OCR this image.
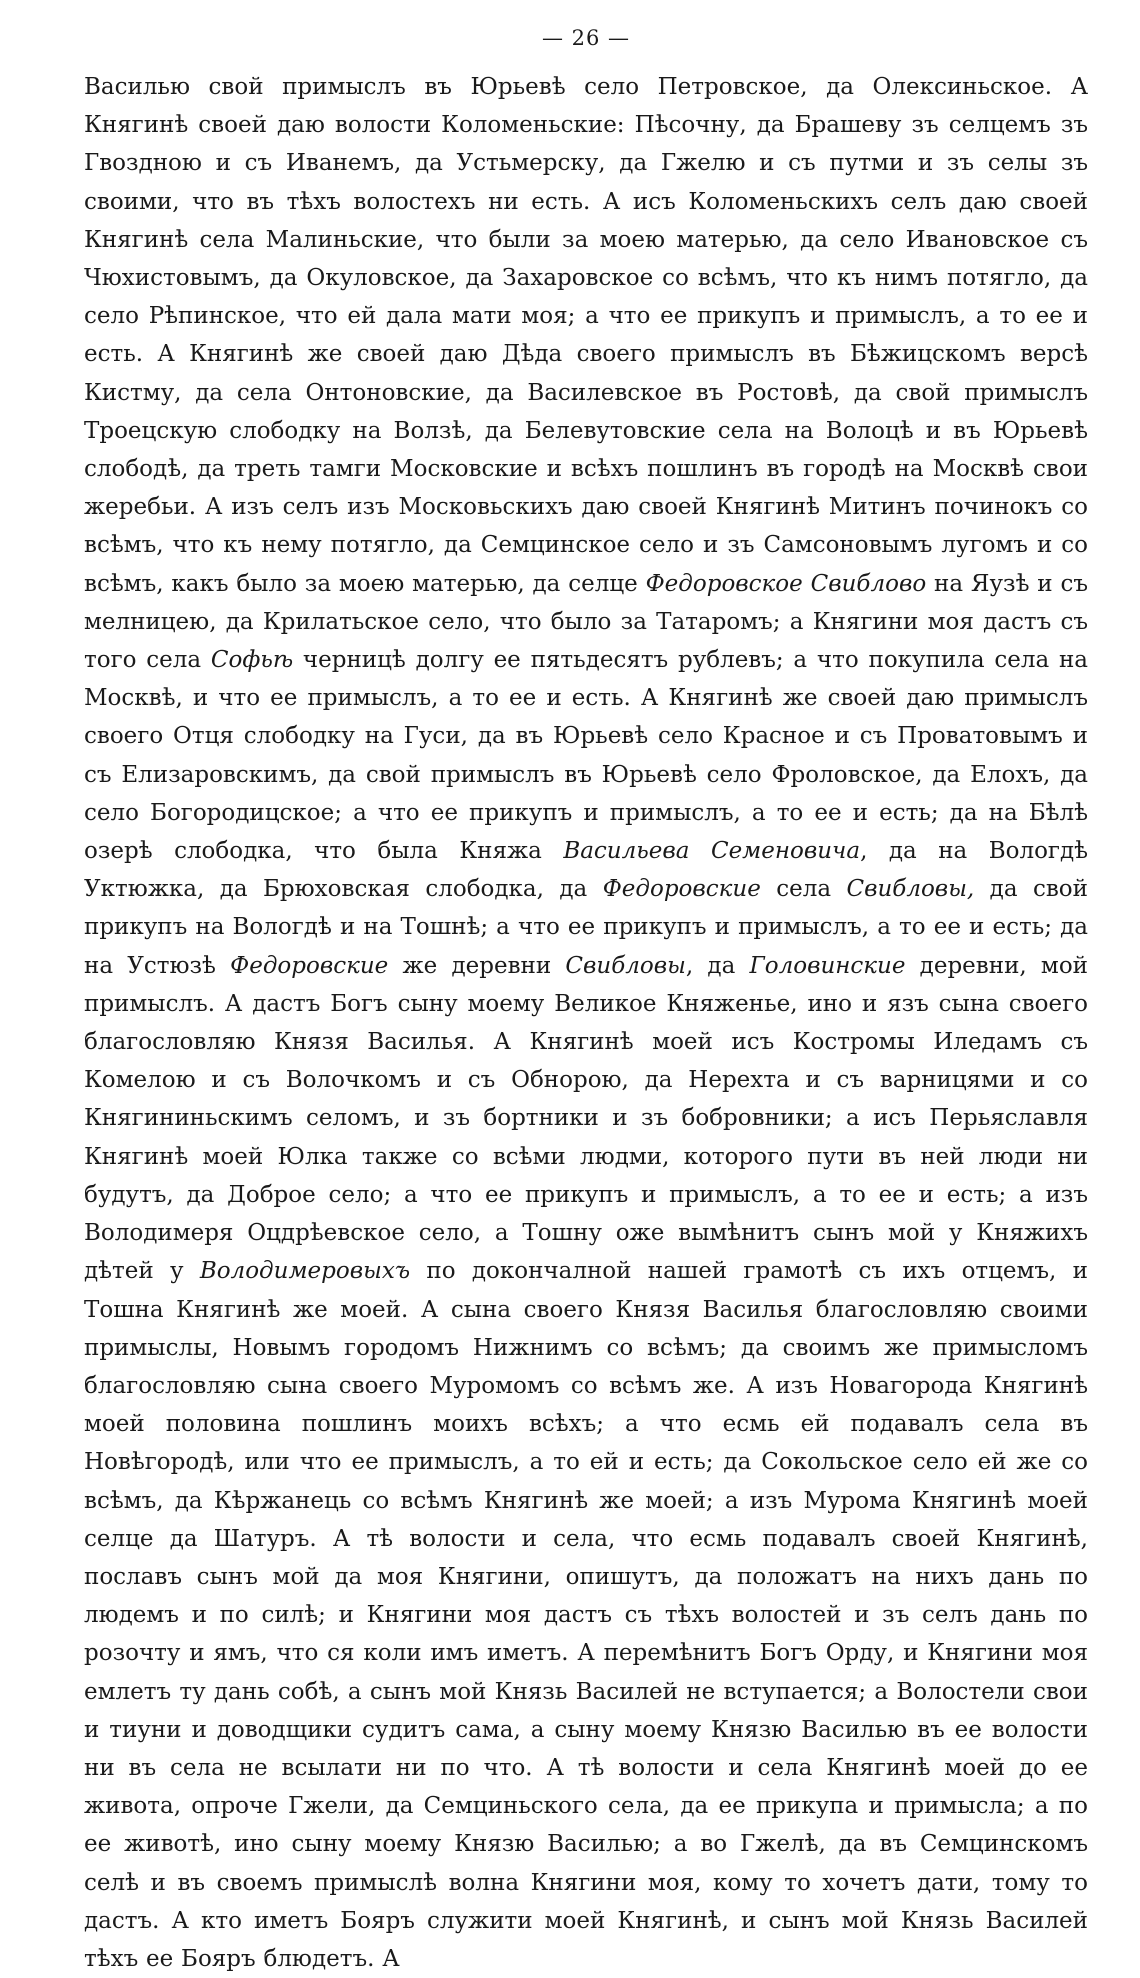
— 26 —

Василью свой примыслъ въ Юрьевѣ село Петровское, да Олексиньское. А Княгинѣ своей даю волости Коломеньские: Пѣсочну, да Брашеву зъ селцемъ зъ Гвоздною и съ Иванемъ, да Устьмерску, да Гжелю и съ путми и зъ селы зъ своими, что въ тѣхъ волостехъ ни есть. А исъ Коломеньскихъ селъ даю своей Княгинѣ села Малиньские, что были за моею матерью, да село Ивановское съ Чюхистовымъ, да Окуловское, да Захаровское со всѣмъ, что къ нимъ потягло, да село Рѣпинское, что ей дала мати моя; а что ее прикупъ и примыслъ, а то ее и есть. А Княгинѣ же своей даю Дѣда своего примыслъ въ Бѣжицскомъ версѣ Кистму, да села Онтоновские, да Василевское въ Ростовѣ, да свой примыслъ Троецскую слободку на Волзѣ, да Белевутовские села на Волоцѣ и въ Юрьевѣ слободѣ, да треть тамги Московские и всѣхъ пошлинъ въ городѣ на Москвѣ свои жеребьи. А изъ селъ изъ Московьскихъ даю своей Княгинѣ Митинъ починокъ со всѣмъ, что къ нему потягло, да Семцинское село и зъ Самсоновымъ лугомъ и со всѣмъ, какъ было за моею матерью, да селце Федоровское Свиблово на Яузѣ и съ мелницею, да Крилатьское село, что было за Татаромъ; а Княгини моя дастъ съ того села Софьѣ черницѣ долгу ее пятьдесятъ рублевъ; а что покупила села на Москвѣ, и что ее примыслъ, а то ее и есть. А Княгинѣ же своей даю примыслъ своего Отця слободку на Гуси, да въ Юрьевѣ село Красное и съ Проватовымъ и съ Елизаровскимъ, да свой примыслъ въ Юрьевѣ село Фроловское, да Елохъ, да село Богородицское; а что ее прикупъ и примыслъ, а то ее и есть; да на Бѣлѣ озерѣ слободка, что была Княжа Васильева Семеновича, да на Вологдѣ Уктюжка, да Брюховская слободка, да Федоровские села Свибловы, да свой прикупъ на Вологдѣ и на Тошнѣ; а что ее прикупъ и примыслъ, а то ее и есть; да на Устюзѣ Федоровские же деревни Свибловы, да Головинские деревни, мой примыслъ. А дастъ Богъ сыну моему Великое Княженье, ино и язъ сына своего благословляю Князя Василья. А Княгинѣ моей исъ Костромы Иледамъ съ Комелою и съ Волочкомъ и съ Обнорою, да Нерехта и съ варницями и со Княгининьскимъ селомъ, и зъ бортники и зъ бобровники; а исъ Перьяславля Княгинѣ моей Юлка также со всѣми людми, которого пути въ ней люди ни будутъ, да Доброе село; а что ее прикупъ и примыслъ, а то ее и есть; а изъ Володимеря Оцдрѣевское село, а Тошну оже вымѣнитъ сынъ мой у Княжихъ дѣтей у Володимеровыхъ по докончалной нашей грамотѣ съ ихъ отцемъ, и Тошна Княгинѣ же моей. А сына своего Князя Василья благословляю своими примыслы, Новымъ городомъ Нижнимъ со всѣмъ; да своимъ же примысломъ благословляю сына своего Муромомъ со всѣмъ же. А изъ Новагорода Княгинѣ моей половина пошлинъ моихъ всѣхъ; а что есмь ей подавалъ села въ Новѣгородѣ, или что ее примыслъ, а то ей и есть; да Сокольское село ей же со всѣмъ, да Кѣржанець со всѣмъ Княгинѣ же моей; а изъ Мурома Княгинѣ моей селце да Шатуръ. А тѣ волости и села, что есмь подавалъ своей Княгинѣ, пославъ сынъ мой да моя Княгини, опишутъ, да положатъ на нихъ дань по людемъ и по силѣ; и Княгини моя дастъ съ тѣхъ волостей и зъ селъ дань по розочту и ямъ, что ся коли имъ иметъ. А перемѣнитъ Богъ Орду, и Княгини моя емлетъ ту дань собѣ, а сынъ мой Князь Василей не вступается; а Волостели свои и тиуни и доводщики судитъ сама, а сыну моему Князю Василью въ ее волости ни въ села не всылати ни по что. А тѣ волости и села Княгинѣ моей до ее живота, опроче Гжели, да Семциньского села, да ее прикупа и примысла; а по ее животѣ, ино сыну моему Князю Василью; а во Гжелѣ, да въ Семцинскомъ селѣ и въ своемъ примыслѣ волна Княгини моя, кому то хочетъ дати, тому то дастъ. А кто иметъ Бояръ служити моей Княгинѣ, и сынъ мой Князь Василей тѣхъ ее Бояръ блюдетъ. А
